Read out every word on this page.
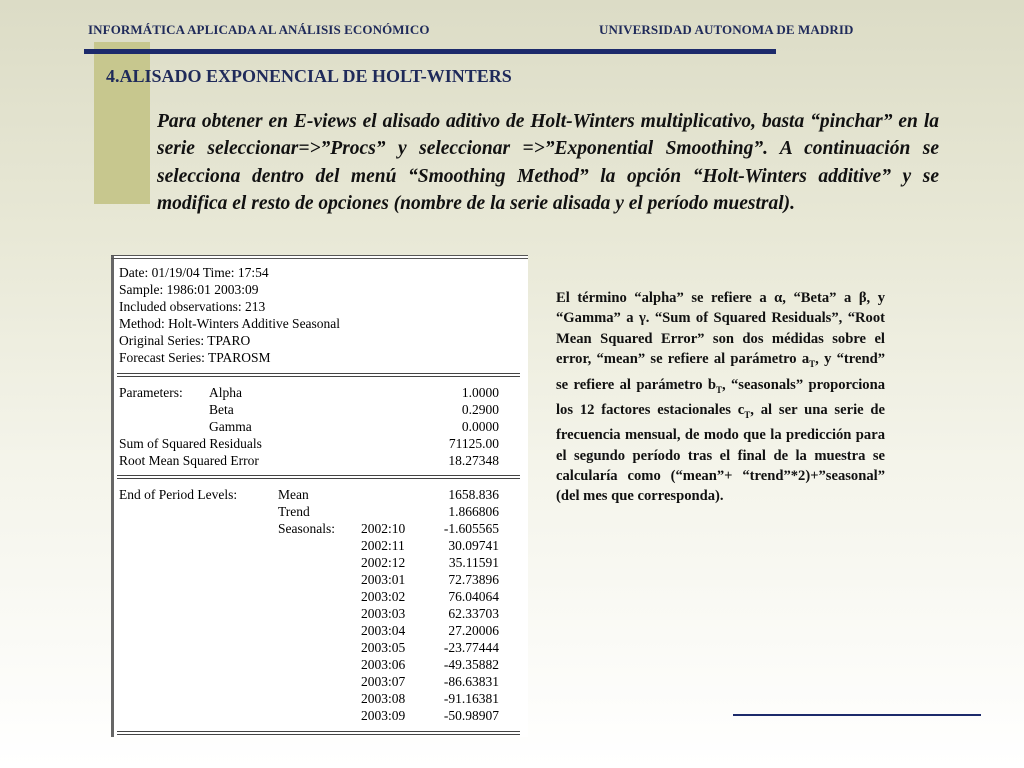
INFORMÁTICA APLICADA AL ANÁLISIS ECONÓMICO	UNIVERSIDAD AUTONOMA DE MADRID
4.ALISADO EXPONENCIAL DE HOLT-WINTERS
Para obtener en E-views el alisado aditivo de Holt-Winters multiplicativo, basta “pinchar” en la serie seleccionar=>”Procs” y seleccionar =>”Exponential Smoothing”. A continuación se selecciona dentro del menú “Smoothing Method” la opción “Holt-Winters additive” y se modifica el resto de opciones (nombre de la serie alisada y el período muestral).
Date: 01/19/04 Time: 17:54
Sample: 1986:01 2003:09
Included observations: 213
Method: Holt-Winters Additive Seasonal
Original Series: TPARO
Forecast Series: TPAROSM
Parameters: Alpha	1.0000
Beta	0.2900
Gamma	0.0000
Sum of Squared Residuals	71125.00
Root Mean Squared Error	18.27348
End of Period Levels:	Mean	1658.836
Trend	1.866806
Seasonals: 2002:10	-1.605565
2002:11	30.09741
2002:12	35.11591
2003:01	72.73896
2003:02	76.04064
2003:03	62.33703
2003:04	27.20006
2003:05	-23.77444
2003:06	-49.35882
2003:07	-86.63831
2003:08	-91.16381
2003:09	-50.98907
El término “alpha” se refiere a α, “Beta” a β, y “Gamma” a γ. “Sum of Squared Residuals”, “Root Mean Squared Error” son dos médidas sobre el error, “mean” se refiere al parámetro $a_T$, y “trend” se refiere al parámetro $b_T$, “seasonals” proporciona los 12 factores estacionales $c_T$, al ser una serie de frecuencia mensual, de modo que la predicción para el segundo período tras el final de la muestra se calcularía como (“mean”+ “trend”*2)+”seasonal” (del mes que corresponda).
